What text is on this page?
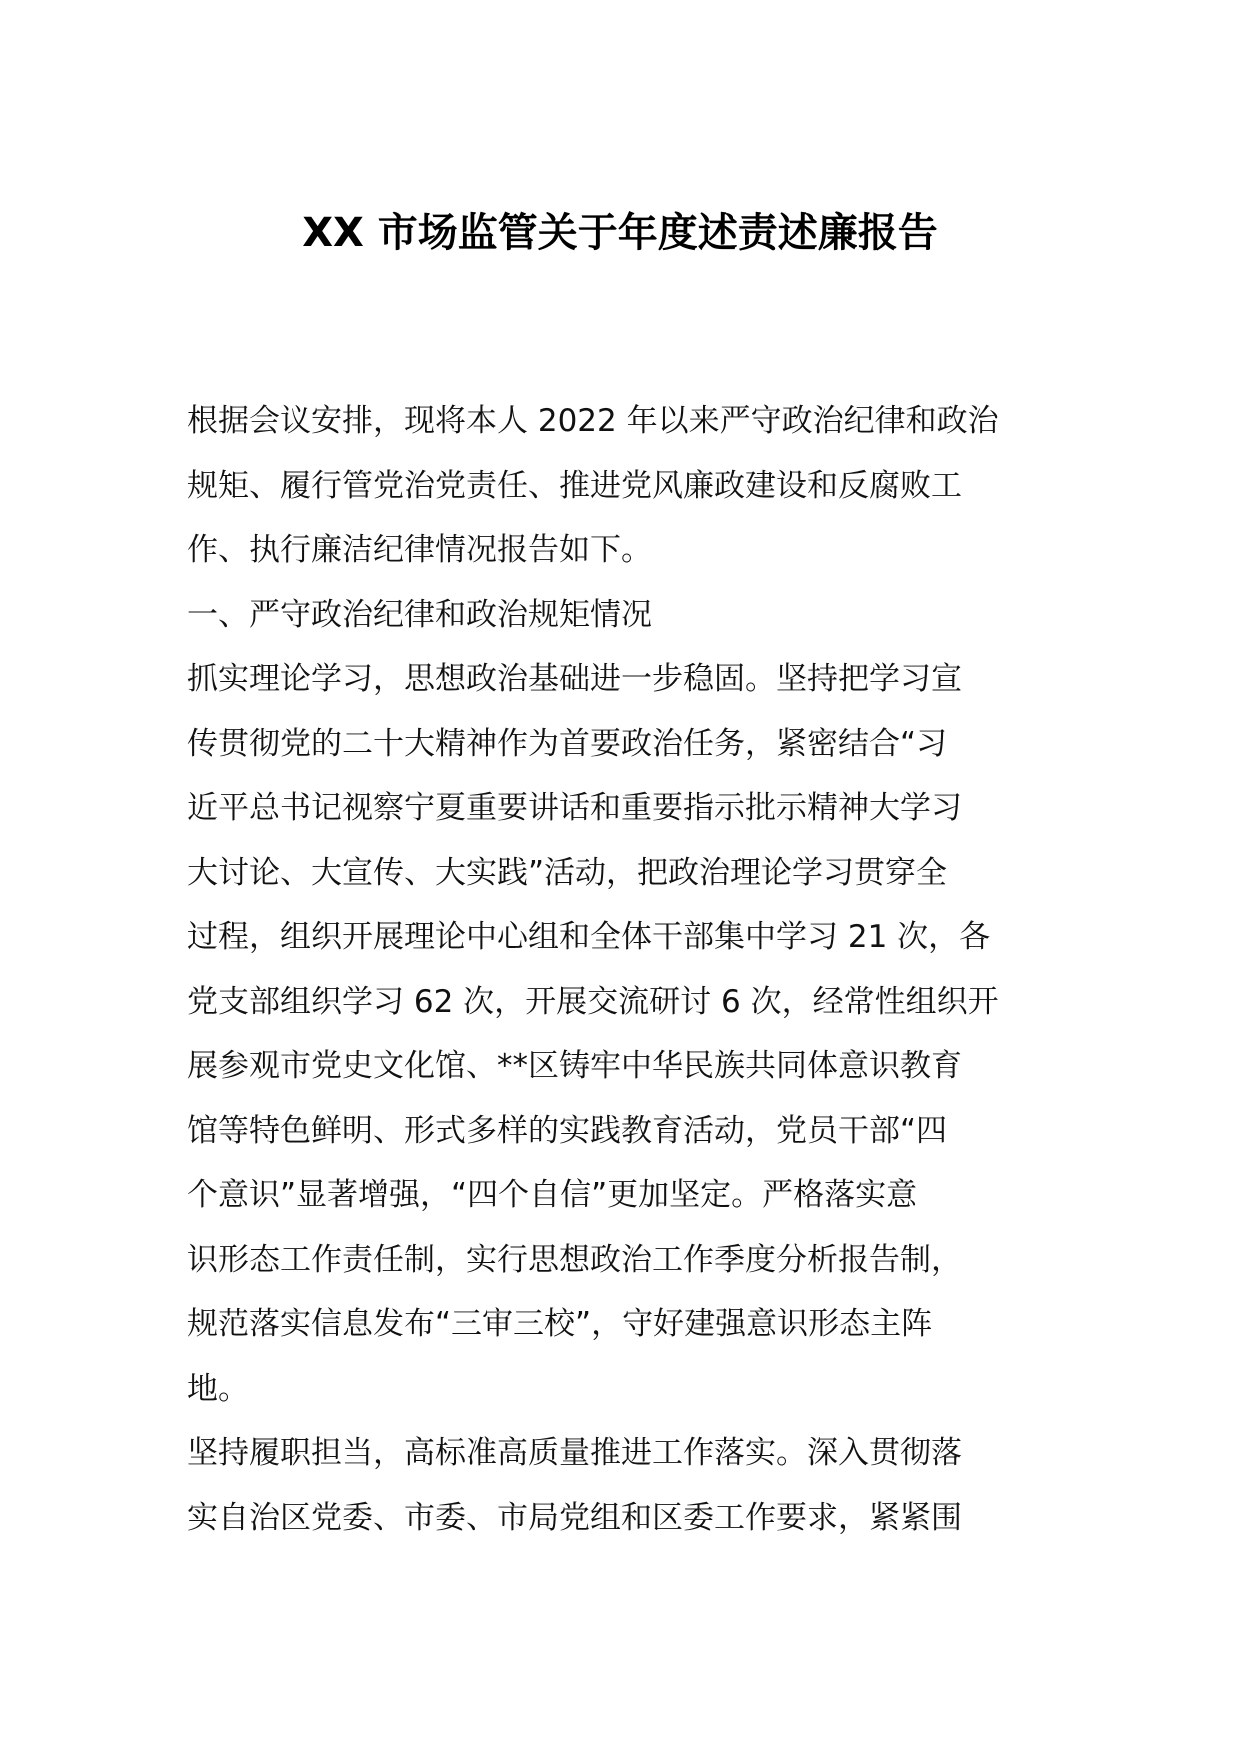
XX 市场监管关于年度述责述廉报告
根据会议安排，现将本人 2022 年以来严守政治纪律和政治
规矩、履行管党治党责任、推进党风廉政建设和反腐败工
作、执行廉洁纪律情况报告如下。
一、严守政治纪律和政治规矩情况
抓实理论学习，思想政治基础进一步稳固。坚持把学习宣
传贯彻党的二十大精神作为首要政治任务，紧密结合“习
近平总书记视察宁夏重要讲话和重要指示批示精神大学习
大讨论、大宣传、大实践”活动，把政治理论学习贯穿全
过程，组织开展理论中心组和全体干部集中学习 21 次，各
党支部组织学习 62 次，开展交流研讨 6 次，经常性组织开
展参观市党史文化馆、**区铸牢中华民族共同体意识教育
馆等特色鲜明、形式多样的实践教育活动，党员干部“四
个意识”显著增强，“四个自信”更加坚定。严格落实意
识形态工作责任制，实行思想政治工作季度分析报告制，
规范落实信息发布“三审三校”，守好建强意识形态主阵
地。
坚持履职担当，高标准高质量推进工作落实。深入贯彻落
实自治区党委、市委、市局党组和区委工作要求，紧紧围
